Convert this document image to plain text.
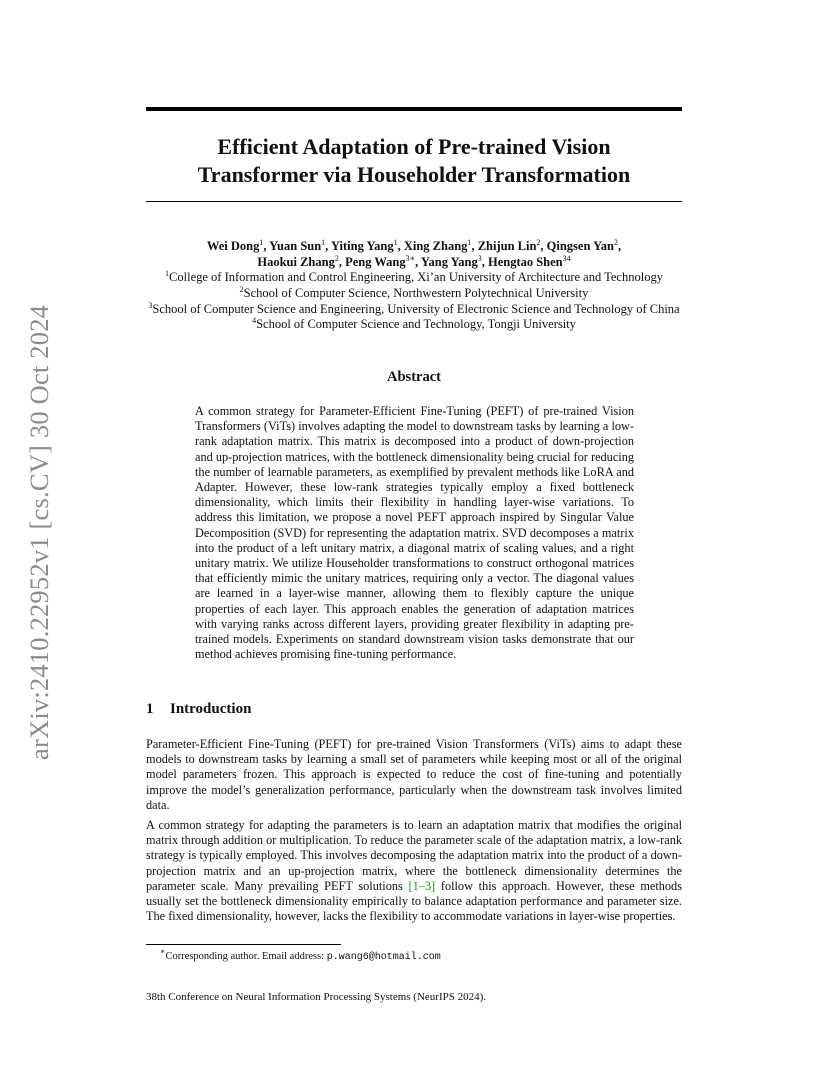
arXiv:2410.22952v1 [cs.CV] 30 Oct 2024
Efficient Adaptation of Pre-trained Vision
Transformer via Householder Transformation
Wei Dong$^1$, Yuan Sun$^1$, Yiting Yang$^1$, Xing Zhang$^1$, Zhijun Lin$^2$, Qingsen Yan$^2$,
Haokui Zhang$^2$, Peng Wang$^{3∗}$, Yang Yang$^3$, Hengtao Shen$^{34}$
$^1$College of Information and Control Engineering, Xi’an University of Architecture and Technology
$^2$School of Computer Science, Northwestern Polytechnical University
$^3$School of Computer Science and Engineering, University of Electronic Science and Technology of China
$^4$School of Computer Science and Technology, Tongji University
Abstract
A common strategy for Parameter-Efficient Fine-Tuning (PEFT) of pre-trained Vision Transformers (ViTs) involves adapting the model to downstream tasks by learning a low-rank adaptation matrix. This matrix is decomposed into a product of down-projection and up-projection matrices, with the bottleneck dimensionality being crucial for reducing the number of learnable parameters, as exemplified by prevalent methods like LoRA and Adapter. However, these low-rank strategies typically employ a fixed bottleneck dimensionality, which limits their flexibility in handling layer-wise variations. To address this limitation, we propose a novel PEFT approach inspired by Singular Value Decomposition (SVD) for representing the adaptation matrix. SVD decomposes a matrix into the product of a left unitary matrix, a diagonal matrix of scaling values, and a right unitary matrix. We utilize Householder transformations to construct orthogonal matrices that efficiently mimic the unitary matrices, requiring only a vector. The diagonal values are learned in a layer-wise manner, allowing them to flexibly capture the unique properties of each layer. This approach enables the generation of adaptation matrices with varying ranks across different layers, providing greater flexibility in adapting pre-trained models. Experiments on standard downstream vision tasks demonstrate that our method achieves promising fine-tuning performance.
1 Introduction
Parameter-Efficient Fine-Tuning (PEFT) for pre-trained Vision Transformers (ViTs) aims to adapt these models to downstream tasks by learning a small set of parameters while keeping most or all of the original model parameters frozen. This approach is expected to reduce the cost of fine-tuning and potentially improve the model’s generalization performance, particularly when the downstream task involves limited data.
A common strategy for adapting the parameters is to learn an adaptation matrix that modifies the original matrix through addition or multiplication. To reduce the parameter scale of the adaptation matrix, a low-rank strategy is typically employed. This involves decomposing the adaptation matrix into the product of a down-projection matrix and an up-projection matrix, where the bottleneck dimensionality determines the parameter scale. Many prevailing PEFT solutions [1–3] follow this approach. However, these methods usually set the bottleneck dimensionality empirically to balance adaptation performance and parameter size. The fixed dimensionality, however, lacks the flexibility to accommodate variations in layer-wise properties.
∗Corresponding author. Email address: p.wang6@hotmail.com
38th Conference on Neural Information Processing Systems (NeurIPS 2024).
